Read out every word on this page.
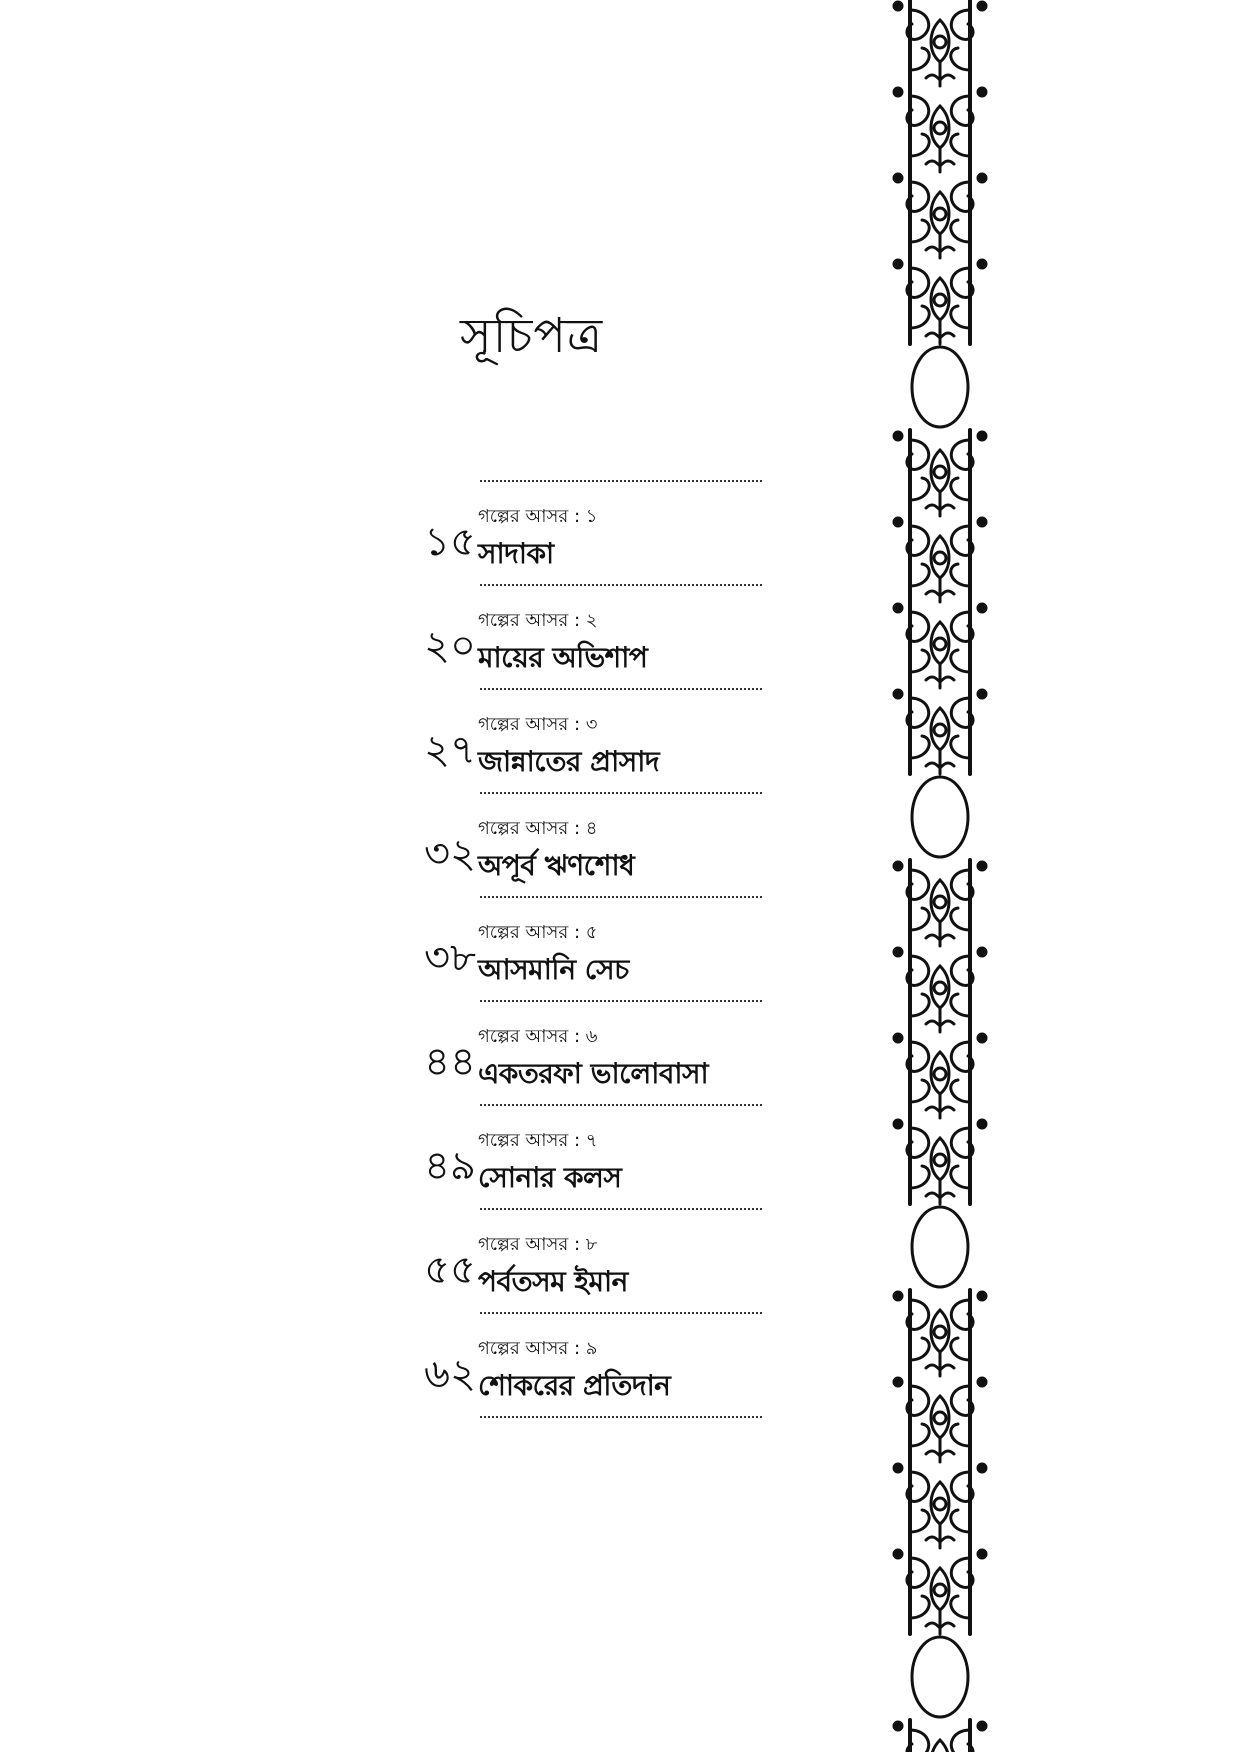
সূচিপত্র
১৫
গল্পের আসর : ১
সাদাকা
২০
গল্পের আসর : ২
মায়ের অভিশাপ
২৭
গল্পের আসর : ৩
জান্নাতের প্রাসাদ
৩২
গল্পের আসর : ৪
অপূর্ব ঋণশোধ
৩৮
গল্পের আসর : ৫
আসমানি সেচ
৪৪
গল্পের আসর : ৬
একতরফা ভালোবাসা
৪৯
গল্পের আসর : ৭
সোনার কলস
৫৫
গল্পের আসর : ৮
পর্বতসম ইমান
৬২
গল্পের আসর : ৯
শোকরের প্রতিদান
